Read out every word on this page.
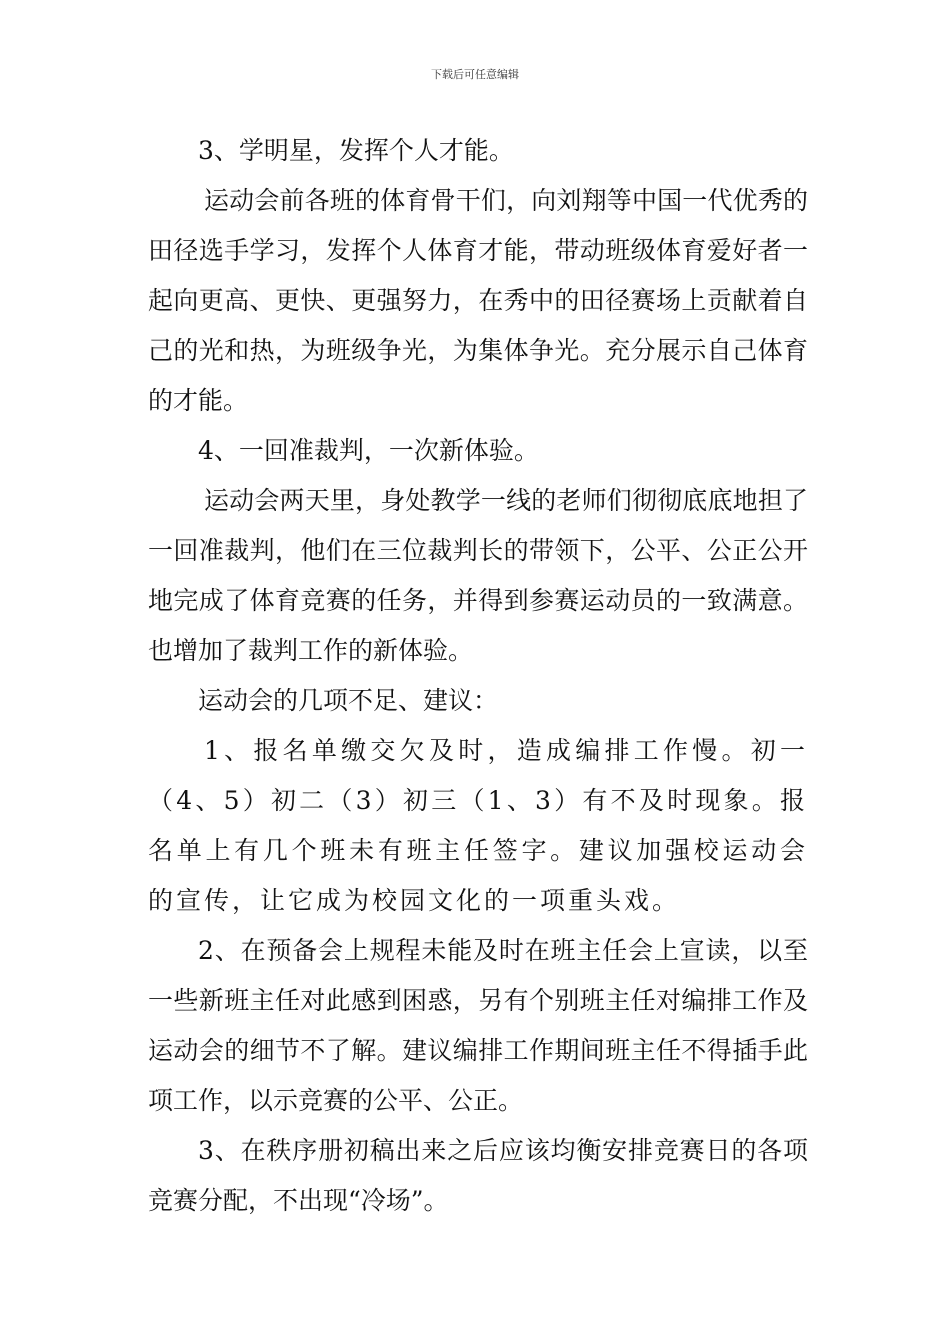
下载后可任意编辑

3、学明星，发挥个人才能。

运动会前各班的体育骨干们，向刘翔等中国一代优秀的田径选手学习，发挥个人体育才能，带动班级体育爱好者一起向更高、更快、更强努力，在秀中的田径赛场上贡献着自己的光和热，为班级争光，为集体争光。充分展示自己体育的才能。

4、一回准裁判，一次新体验。

运动会两天里，身处教学一线的老师们彻彻底底地担了一回准裁判，他们在三位裁判长的带领下，公平、公正公开地完成了体育竞赛的任务，并得到参赛运动员的一致满意。也增加了裁判工作的新体验。

运动会的几项不足、建议：

1、报名单缴交欠及时，造成编排工作慢。初一（4、5）初二（3）初三（1、3）有不及时现象。报名单上有几个班未有班主任签字。建议加强校运动会的宣传，让它成为校园文化的一项重头戏。

2、在预备会上规程未能及时在班主任会上宣读，以至一些新班主任对此感到困惑，另有个别班主任对编排工作及运动会的细节不了解。建议编排工作期间班主任不得插手此项工作，以示竞赛的公平、公正。

3、在秩序册初稿出来之后应该均衡安排竞赛日的各项竞赛分配，不出现“冷场”。
